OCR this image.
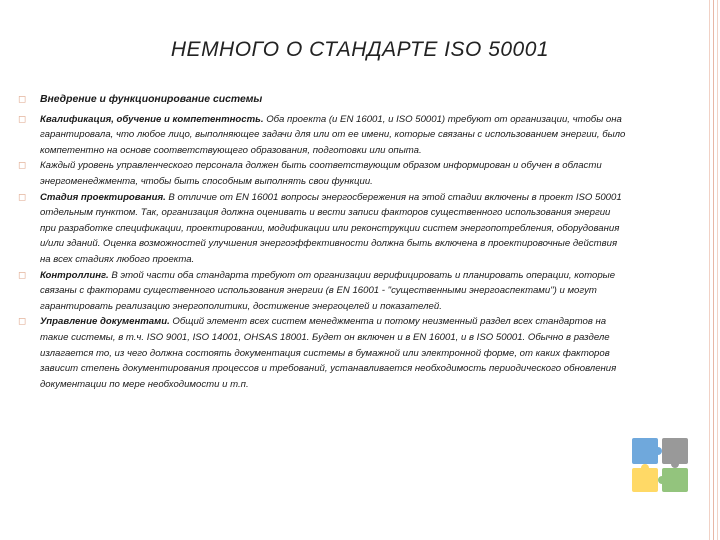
НЕМНОГО О СТАНДАРТЕ ISO 50001
◻ Внедрение и функционирование системы
◻ Квалификация, обучение и компетентность. Оба проекта (и EN 16001, и ISO 50001) требуют от организации, чтобы она гарантировала, что любое лицо, выполняющее задачи для или от ее имени, которые связаны с использованием энергии, было компетентно на основе соответствующего образования, подготовки или опыта.
◻ Каждый уровень управленческого персонала должен быть соответствующим образом информирован и обучен в области энергоменеджмента, чтобы быть способным выполнять свои функции.
◻ Стадия проектирования. В отличие от EN 16001 вопросы энергосбережения на этой стадии включены в проект ISO 50001 отдельным пунктом. Так, организация должна оценивать и вести записи факторов существенного использования энергии при разработке спецификации, проектировании, модификации или реконструкции систем энергопотребления, оборудования и/или зданий. Оценка возможностей улучшения энергоэффективности должна быть включена в проектировочные действия на всех стадиях любого проекта.
◻ Контроллинг. В этой части оба стандарта требуют от организации верифицировать и планировать операции, которые связаны с факторами существенного использования энергии (в EN 16001 - "существенными энергоаспектами") и могут гарантировать реализацию энергополитики, достижение энергоцелей и показателей.
◻ Управление документами. Общий элемент всех систем менеджмента и потому неизменный раздел всех стандартов на такие системы, в т.ч. ISO 9001, ISO 14001, OHSAS 18001. Будет он включен и в EN 16001, и в ISO 50001. Обычно в разделе излагается то, из чего должна состоять документация системы в бумажной или электронной форме, от каких факторов зависит степень документирования процессов и требований, устанавливается необходимость периодического обновления документации по мере необходимости и т.п.
